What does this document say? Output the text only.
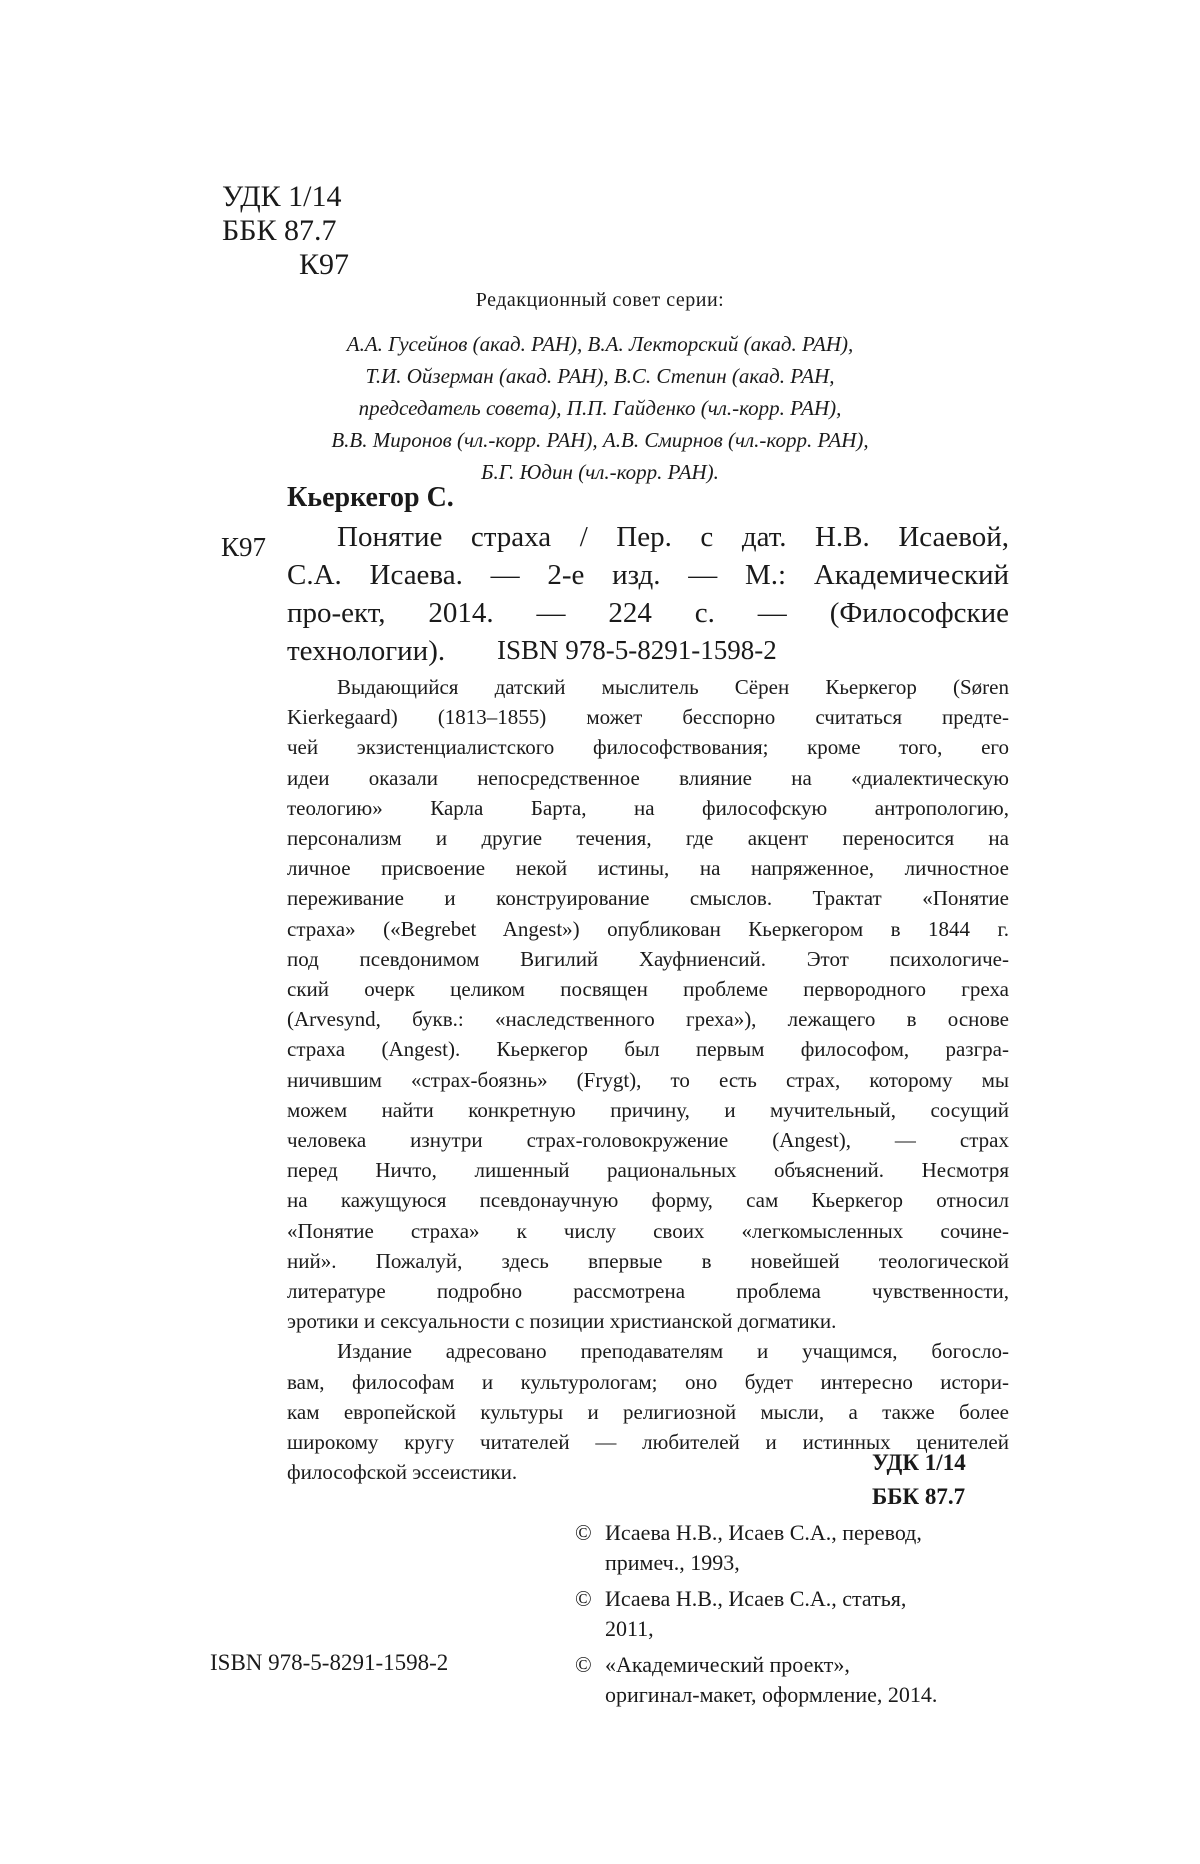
УДК 1/14
ББК 87.7
К97
Редакционный совет серии:
А.А. Гусейнов (акад. РАН), В.А. Лекторский (акад. РАН),
Т.И. Ойзерман (акад. РАН), В.С. Степин (акад. РАН,
председатель совета), П.П. Гайденко (чл.-корр. РАН),
В.В. Миронов (чл.-корр. РАН), А.В. Смирнов (чл.-корр. РАН),
Б.Г. Юдин (чл.-корр. РАН).
Кьеркегор С.
К97	Понятие страха / Пер. с дат. Н.В. Исаевой,
С.А. Исаева. — 2-е изд. — М.: Академический
про-ект, 2014. — 224 с. — (Философские
технологии).	ISBN 978-5-8291-1598-2
Выдающийся датский мыслитель Сёрен Кьеркегор (Søren
Kierkegaard) (1813–1855) может бесспорно считаться предте-
чей экзистенциалистского философствования; кроме того, его
идеи оказали непосредственное влияние на «диалектическую
теологию» Карла Барта, на философскую антропологию,
персонализм и другие течения, где акцент переносится на
личное присвоение некой истины, на напряженное, личностное
переживание и конструирование смыслов. Трактат «Понятие
страха» («Begrebet Angest») опубликован Кьеркегором в 1844 г.
под псевдонимом Вигилий Хауфниенсий. Этот психологиче-
ский очерк целиком посвящен проблеме первородного греха
(Arvesynd, букв.: «наследственного греха»), лежащего в основе
страха (Angest). Кьеркегор был первым философом, разгра-
ничившим «страх-боязнь» (Frygt), то есть страх, которому мы
можем найти конкретную причину, и мучительный, сосущий
человека изнутри страх-головокружение (Angest), — страх
перед Ничто, лишенный рациональных объяснений. Несмотря
на кажущуюся псевдонаучную форму, сам Кьеркегор относил
«Понятие страха» к числу своих «легкомысленных сочине-
ний». Пожалуй, здесь впервые в новейшей теологической
литературе подробно рассмотрена проблема чувственности,
эротики и сексуальности с позиции христианской догматики.
Издание адресовано преподавателям и учащимся, богосло-
вам, философам и культурологам; оно будет интересно истори-
кам европейской культуры и религиозной мысли, а также более
широкому кругу читателей — любителей и истинных ценителей
философской эссеистики.	УДК 1/14
ББК 87.7
© Исаева Н.В., Исаев С.А., перевод,
примеч., 1993,
© Исаева Н.В., Исаев С.А., статья,
2011,
© «Академический проект»,
оригинал-макет, оформление, 2014.
ISBN 978-5-8291-1598-2
